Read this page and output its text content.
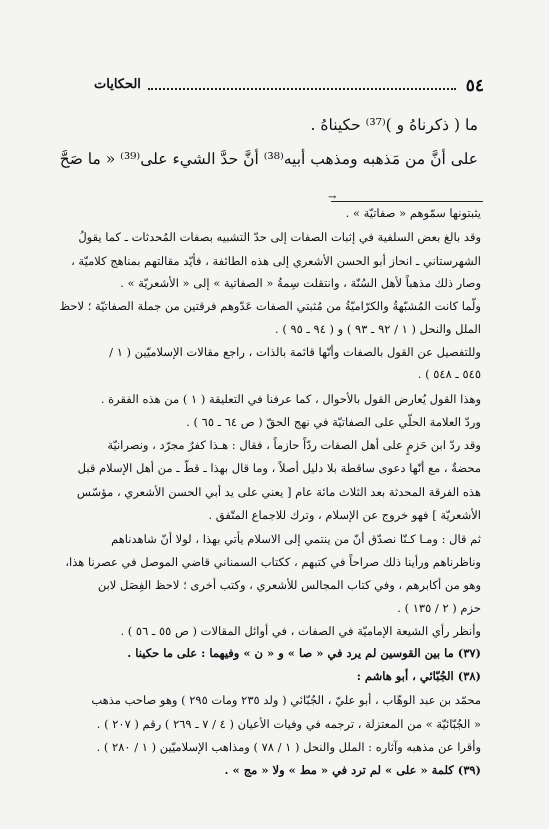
٥٤
الحكايات
ما ( ذكرناهُ و )⁽³⁷⁾ حكيناهُ .
على أنَّ من مَذهبه ومذهب أبيه⁽³⁸⁾ أنَّ حدَّ الشيء على⁽³⁹⁾ « ما صَحَّ
→
يثبتونها سمّوهم « صفاتيّة » .
وقد بالغ بعض السلفية في إثبات الصفات إلى حدّ التشبيه بصفات المُحدثات ـ كما يقولُ
الشهرستاني ـ انحاز أبو الحسن الأشعري إلى هذه الطائفة ، فأيّد مقالتهم بمناهج كلاميّة ،
وصار ذلك مذهباً لأهل السُنّة ، وانتقلت سِمةُ « الصفاتية » إلى « الأشعريّة » .
ولّما كانت المُشبّهةُ والكرّاميّةُ من مُثبتي الصفات عَدّوهم فرقتين من جملة الصفاتيّة ؛ لاحظ
الملل والنحل ( ١ / ٩٢ ـ ٩٣ ) و ( ٩٤ ـ ٩٥ ) .
وللتفصيل عن القول بالصفات وأنّها قائمة بالذات ، راجع مقالات الإسلاميّين ( ١ /
٥٤٥ ـ ٥٤٨ ) .
وهذا القول يُعارض القول بالأحوال ، كما عرفنا في التعليقة ( ١ ) من هذه الفقرة .
وردّ العلامة الحلّي على الصفاتيّة في نهج الحقّ ( ص ٦٤ ـ ٦٥ ) .
وقد ردّ ابن حَزمٍ على أهل الصفات ردّاً حازماً ، فقال : هـذا كفرٌ مجرّد ، ونصرانيّة
محضةٌ ، مع أنّها دعوى ساقطة بلا دليل أصلاً ، وما قال بهذا ـ قطّ ـ من أهل الإسلام قبل
هذه الفرقة المحدثة بعد الثلاث مائة عام [ يعني على يد أبي الحسن الأشعري ، مؤسّس
الأشعريّة ] فهو خروج عن الإسلام ، وترك للاجماع المتّفق .
ثم قال : ومـا كـنّا نصدّق أنّ من ينتمي إلى الاسلام يأتي بهذا ، لولا أنّ شاهدناهم
وناظرناهم ورأينا ذلك صراحاً في كتبهم ، ككتاب السمناني قاضي الموصل في عصرنا هذا،
وهو من أكابرهم ، وفي كتاب المجالس للأشعري ، وكتب أخرى ؛ لاحظ الفِصَل لابن
حزم ( ٢ / ١٣٥ ) .
وأنظر رأي الشيعة الإماميّة في الصفات ، في أوائل المقالات ( ص ٥٥ ـ ٥٦ ) .
(٣٧) ما بين القوسين لم يرد في « صا » و « ن » وفيهما : على ما حكينا .
(٣٨) الجُبّائي ، أبو هاشم :
محمّد بن عبد الوهّاب ، أبو عليّ ، الجُبّائي ( ولد ٢٣٥ ومات ٢٩٥ ) وهو صاحب مذهب
« الجُبّائيّة » من المعتزلة ، ترجمه في وفيات الأعيان ( ٤ / ٧ ـ ٢٦٩ ) رقم ( ٢٠٧ ) .
وأقرا عن مذهبه وآثاره : الملل والنحل ( ١ / ٧٨ ) ومذاهب الإسلاميّين ( ١ / ٢٨٠ ) .
(٣٩) كلمة « على » لم ترد في « مط » ولا « مج » .
